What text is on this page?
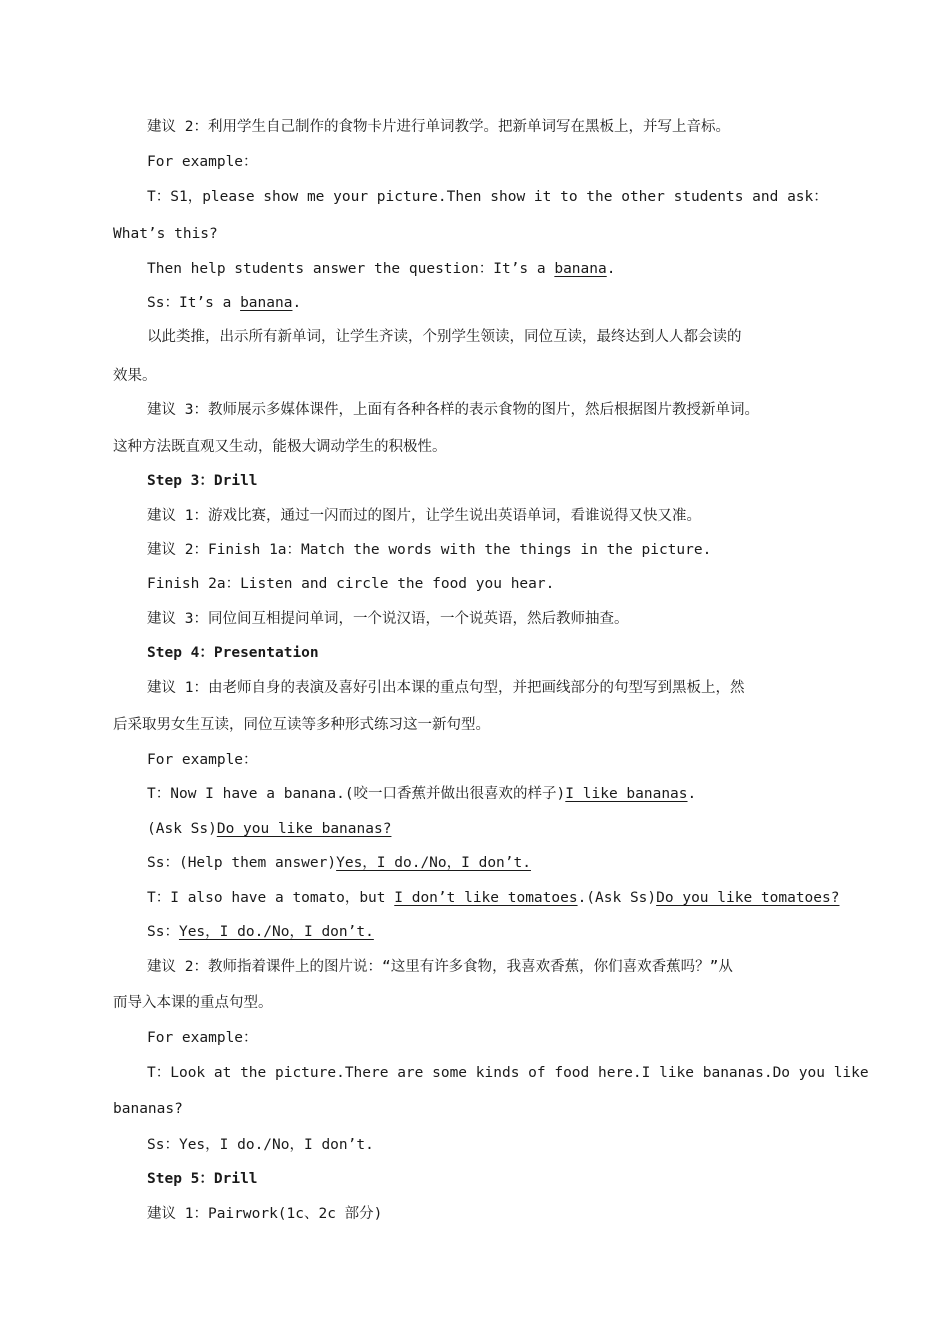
建议 2：利用学生自己制作的食物卡片进行单词教学。把新单词写在黑板上，并写上音标。
For example：
T：S1，please show me your picture.Then show it to the other students and ask：
What’s this?
Then help students answer the question：It’s a banana.
Ss：It’s a banana.
以此类推，出示所有新单词，让学生齐读，个别学生领读，同位互读，最终达到人人都会读的
效果。
建议 3：教师展示多媒体课件，上面有各种各样的表示食物的图片，然后根据图片教授新单词。
这种方法既直观又生动，能极大调动学生的积极性。
Step 3：Drill
建议 1：游戏比赛，通过一闪而过的图片，让学生说出英语单词，看谁说得又快又准。
建议 2：Finish 1a：Match the words with the things in the picture.
Finish 2a：Listen and circle the food you hear.
建议 3：同位间互相提问单词，一个说汉语，一个说英语，然后教师抽查。
Step 4：Presentation
建议 1：由老师自身的表演及喜好引出本课的重点句型，并把画线部分的句型写到黑板上，然
后采取男女生互读，同位互读等多种形式练习这一新句型。
For example：
T：Now I have a banana.(咬一口香蕉并做出很喜欢的样子)I like bananas.
(Ask Ss)Do you like bananas?
Ss：(Help them answer)Yes，I do./No，I don’t.
T：I also have a tomato，but I don’t like tomatoes.(Ask Ss)Do you like tomatoes?
Ss：Yes，I do./No，I don’t.
建议 2：教师指着课件上的图片说：“这里有许多食物，我喜欢香蕉，你们喜欢香蕉吗？”从
而导入本课的重点句型。
For example：
T：Look at the picture.There are some kinds of food here.I like bananas.Do you like
bananas?
Ss：Yes，I do./No，I don’t.
Step 5：Drill
建议 1：Pairwork(1c、2c 部分)
